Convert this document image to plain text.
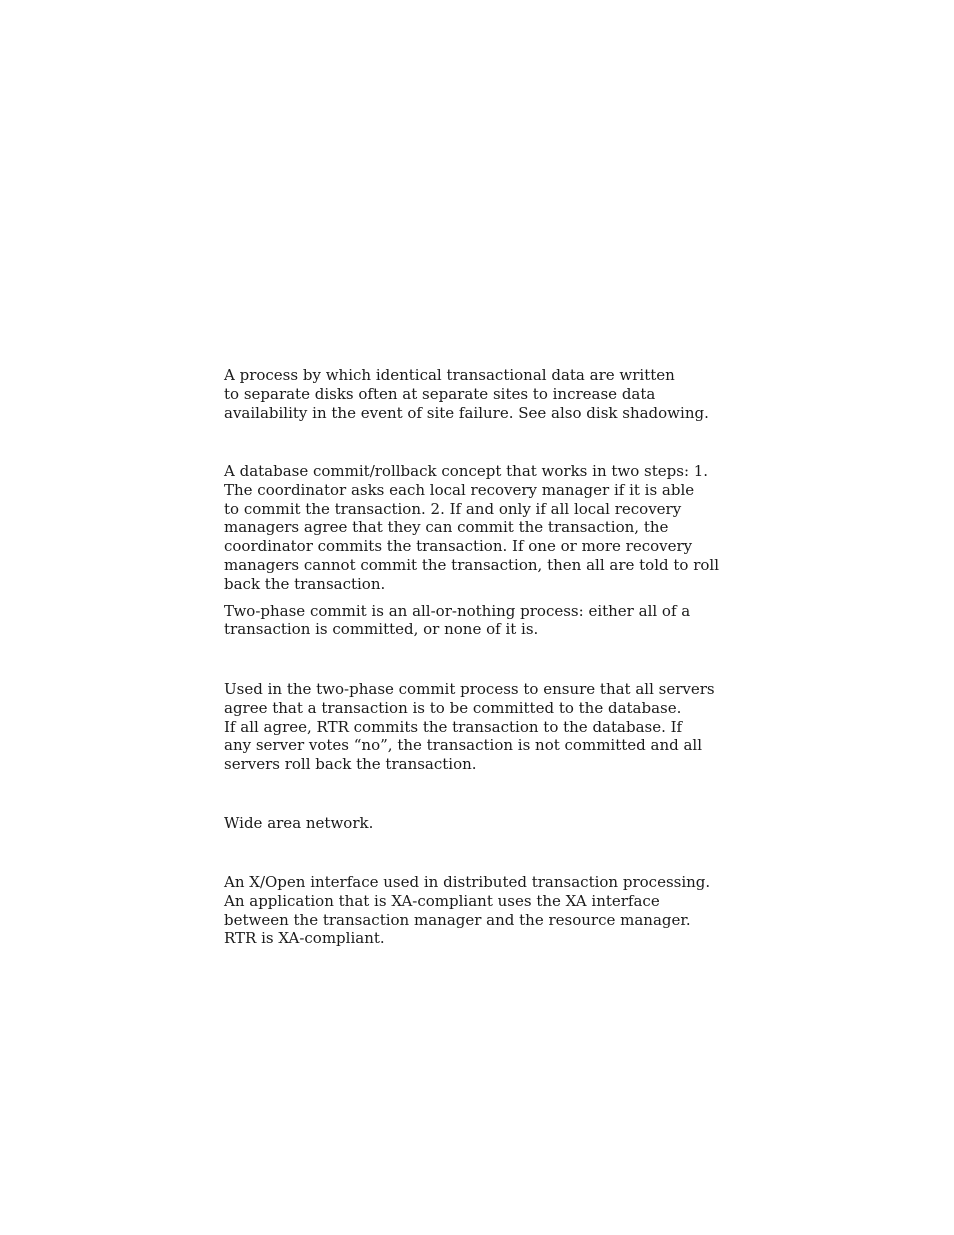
A process by which identical transactional data are written
to separate disks often at separate sites to increase data
availability in the event of site failure. See also disk shadowing.
A database commit/rollback concept that works in two steps: 1.
The coordinator asks each local recovery manager if it is able
to commit the transaction. 2. If and only if all local recovery
managers agree that they can commit the transaction, the
coordinator commits the transaction. If one or more recovery
managers cannot commit the transaction, then all are told to roll
back the transaction.
Two-phase commit is an all-or-nothing process: either all of a
transaction is committed, or none of it is.
Used in the two-phase commit process to ensure that all servers
agree that a transaction is to be committed to the database.
If all agree, RTR commits the transaction to the database. If
any server votes “no”, the transaction is not committed and all
servers roll back the transaction.
Wide area network.
An X/Open interface used in distributed transaction processing.
An application that is XA-compliant uses the XA interface
between the transaction manager and the resource manager.
RTR is XA-compliant.
